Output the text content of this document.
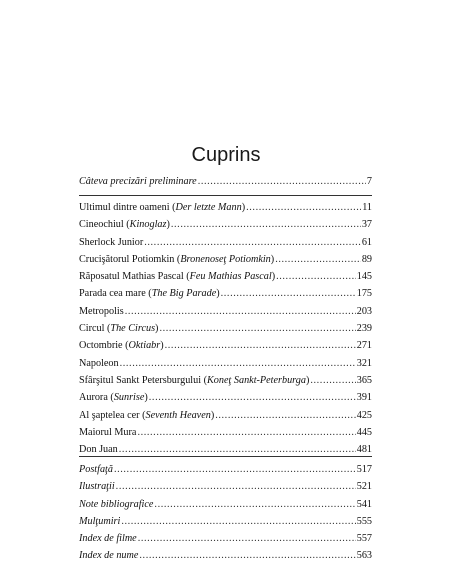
Cuprins
Câteva precizări preliminare .....	7
Ultimul dintre oameni (Der letzte Mann) .....	11
Cineochiul (Kinoglaz) .....	37
Sherlock Junior .....	61
Crucişătorul Potiomkin (Bronenoseţ Potiomkin) .....	89
Răposatul Mathias Pascal (Feu Mathias Pascal) .....	145
Parada cea mare (The Big Parade) .....	175
Metropolis .....	203
Circul (The Circus) .....	239
Octombrie (Oktiabr) .....	271
Napoleon .....	321
Sfârşitul Sankt Petersburgului (Koneţ Sankt-Peterburga) .....	365
Aurora (Sunrise) .....	391
Al şaptelea cer (Seventh Heaven) .....	425
Maiorul Mura .....	445
Don Juan .....	481
Postfaţă .....	517
Ilustraţii .....	521
Note bibliografice .....	541
Mulţumiri .....	555
Index de filme .....	557
Index de nume .....	563
